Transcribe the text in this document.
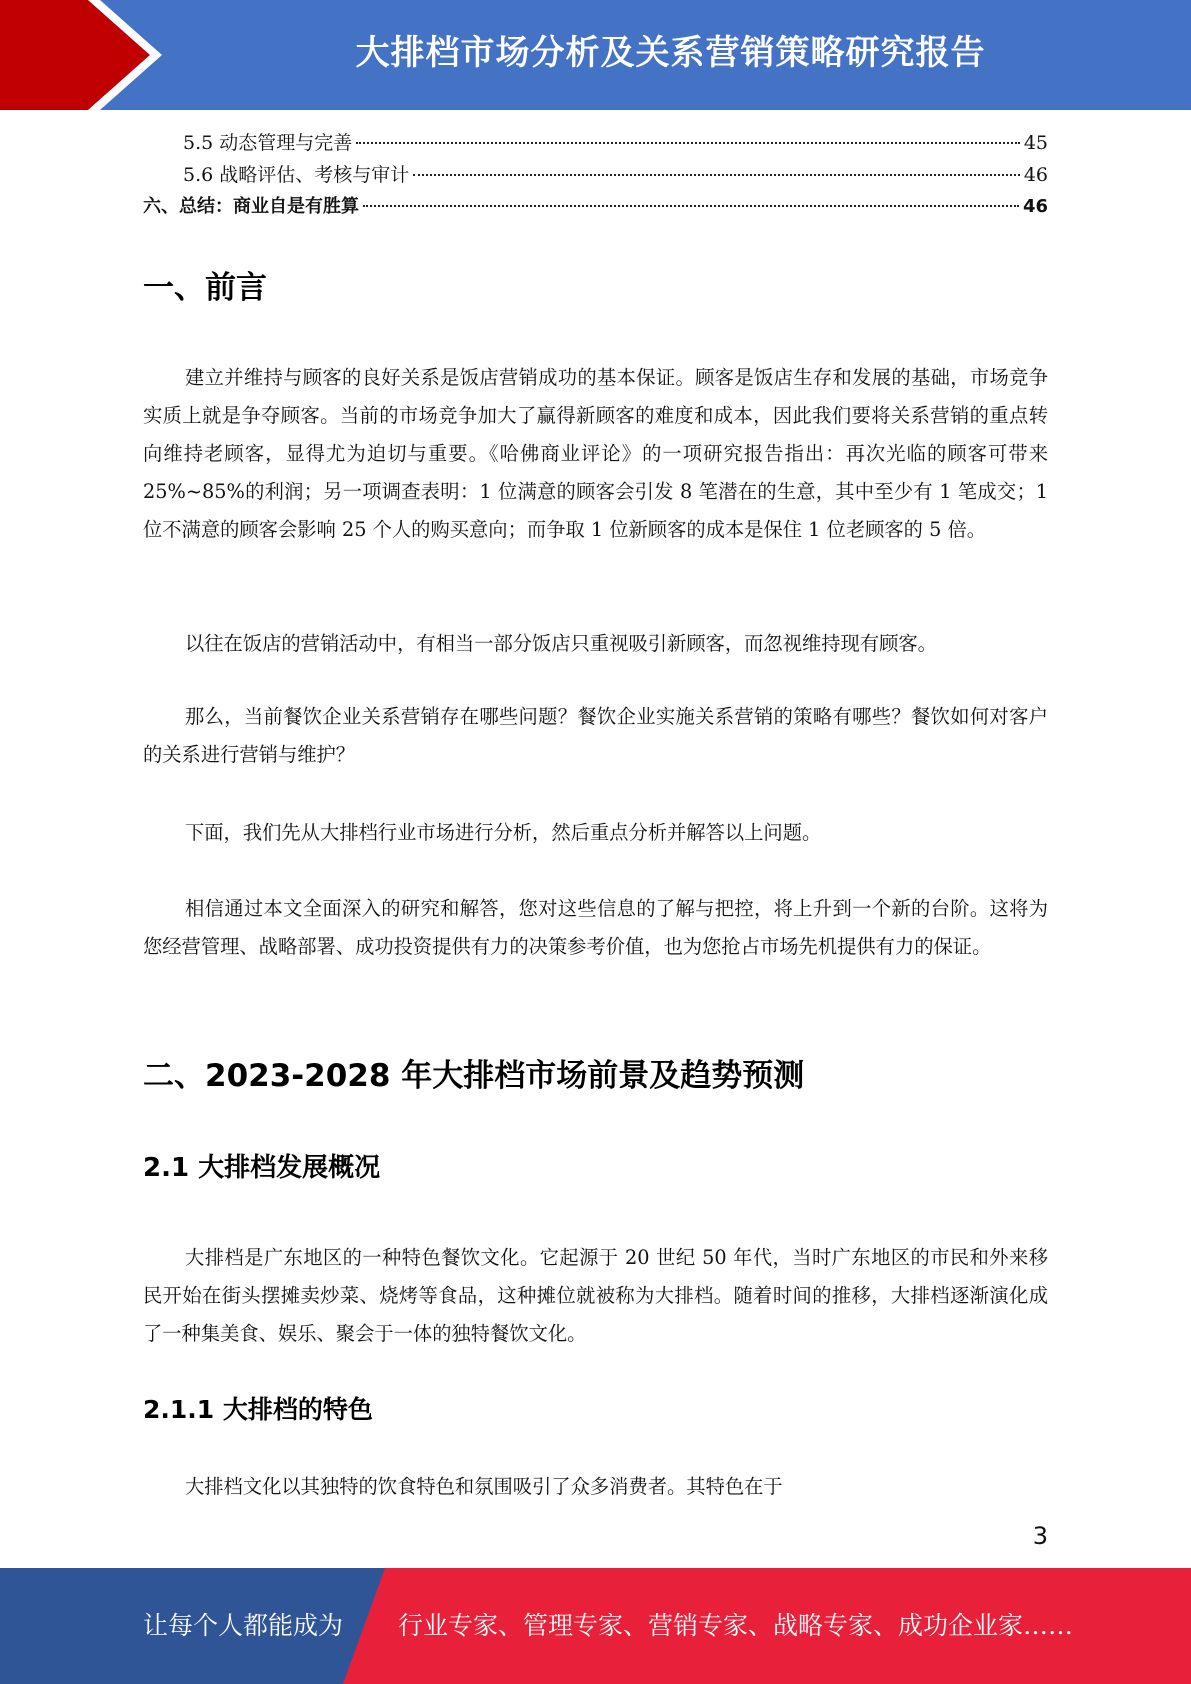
大排档市场分析及关系营销策略研究报告
5.5 动态管理与完善	45
5.6 战略评估、考核与审计	46
六、总结：商业自是有胜算	46
一、前言

建立并维持与顾客的良好关系是饭店营销成功的基本保证。顾客是饭店生存和发展的基础，市场竞争实质上就是争夺顾客。当前的市场竞争加大了赢得新顾客的难度和成本，因此我们要将关系营销的重点转向维持老顾客，显得尤为迫切与重要。《哈佛商业评论》的一项研究报告指出：再次光临的顾客可带来 25%~85%的利润；另一项调查表明：1 位满意的顾客会引发 8 笔潜在的生意，其中至少有 1 笔成交；1 位不满意的顾客会影响 25 个人的购买意向；而争取 1 位新顾客的成本是保住 1 位老顾客的 5 倍。

以往在饭店的营销活动中，有相当一部分饭店只重视吸引新顾客，而忽视维持现有顾客。

那么，当前餐饮企业关系营销存在哪些问题？餐饮企业实施关系营销的策略有哪些？餐饮如何对客户的关系进行营销与维护？

下面，我们先从大排档行业市场进行分析，然后重点分析并解答以上问题。

相信通过本文全面深入的研究和解答，您对这些信息的了解与把控，将上升到一个新的台阶。这将为您经营管理、战略部署、成功投资提供有力的决策参考价值，也为您抢占市场先机提供有力的保证。

二、2023-2028 年大排档市场前景及趋势预测
2.1 大排档发展概况

大排档是广东地区的一种特色餐饮文化。它起源于 20 世纪 50 年代，当时广东地区的市民和外来移民开始在街头摆摊卖炒菜、烧烤等食品，这种摊位就被称为大排档。随着时间的推移，大排档逐渐演化成了一种集美食、娱乐、聚会于一体的独特餐饮文化。

2.1.1 大排档的特色

大排档文化以其独特的饮食特色和氛围吸引了众多消费者。其特色在于

3
让每个人都能成为 行业专家、管理专家、营销专家、战略专家、成功企业家……
